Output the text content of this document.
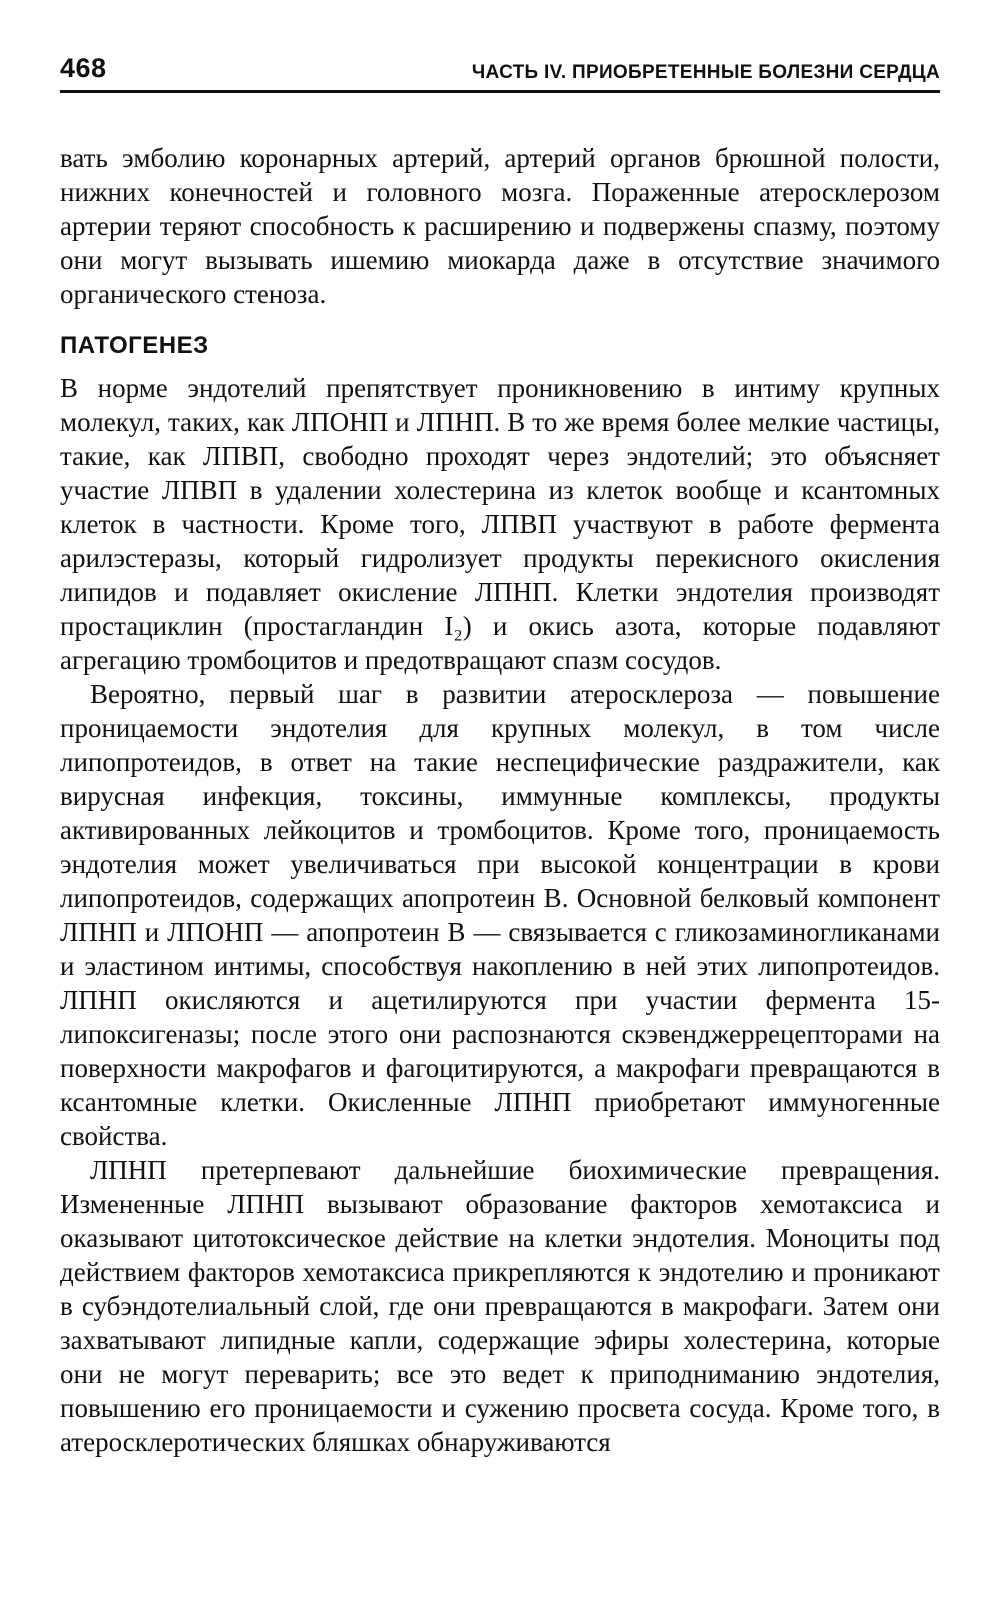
468	ЧАСТЬ IV. ПРИОБРЕТЕННЫЕ БОЛЕЗНИ СЕРДЦА

вать эмболию коронарных артерий, артерий органов брюшной полости, нижних конечностей и головного мозга. Пораженные атеросклерозом артерии теряют способность к расширению и подвержены спазму, поэтому они могут вызывать ишемию миокарда даже в отсутствие значимого органического стеноза.

ПАТОГЕНЕЗ

В норме эндотелий препятствует проникновению в интиму крупных молекул, таких, как ЛПОНП и ЛПНП. В то же время более мелкие частицы, такие, как ЛПВП, свободно проходят через эндотелий; это объясняет участие ЛПВП в удалении холестерина из клеток вообще и ксантомных клеток в частности. Кроме того, ЛПВП участвуют в работе фермента арилэстеразы, который гидролизует продукты перекисного окисления липидов и подавляет окисление ЛПНП. Клетки эндотелия производят простациклин (простагландин I₂) и окись азота, которые подавляют агрегацию тромбоцитов и предотвращают спазм сосудов.

Вероятно, первый шаг в развитии атеросклероза — повышение проницаемости эндотелия для крупных молекул, в том числе липопротеидов, в ответ на такие неспецифические раздражители, как вирусная инфекция, токсины, иммунные комплексы, продукты активированных лейкоцитов и тромбоцитов. Кроме того, проницаемость эндотелия может увеличиваться при высокой концентрации в крови липопротеидов, содержащих апопротеин B. Основной белковый компонент ЛПНП и ЛПОНП — апопротеин B — связывается с гликозаминогликанами и эластином интимы, способствуя накоплению в ней этих липопротеидов. ЛПНП окисляются и ацетилируются при участии фермента 15-липоксигеназы; после этого они распознаются скэвенджеррецепторами на поверхности макрофагов и фагоцитируются, а макрофаги превращаются в ксантомные клетки. Окисленные ЛПНП приобретают иммуногенные свойства.

ЛПНП претерпевают дальнейшие биохимические превращения. Измененные ЛПНП вызывают образование факторов хемотаксиса и оказывают цитотоксическое действие на клетки эндотелия. Моноциты под действием факторов хемотаксиса прикрепляются к эндотелию и проникают в субэндотелиальный слой, где они превращаются в макрофаги. Затем они захватывают липидные капли, содержащие эфиры холестерина, которые они не могут переварить; все это ведет к приподниманию эндотелия, повышению его проницаемости и сужению просвета сосуда. Кроме того, в атеросклеротических бляшках обнаруживаются
